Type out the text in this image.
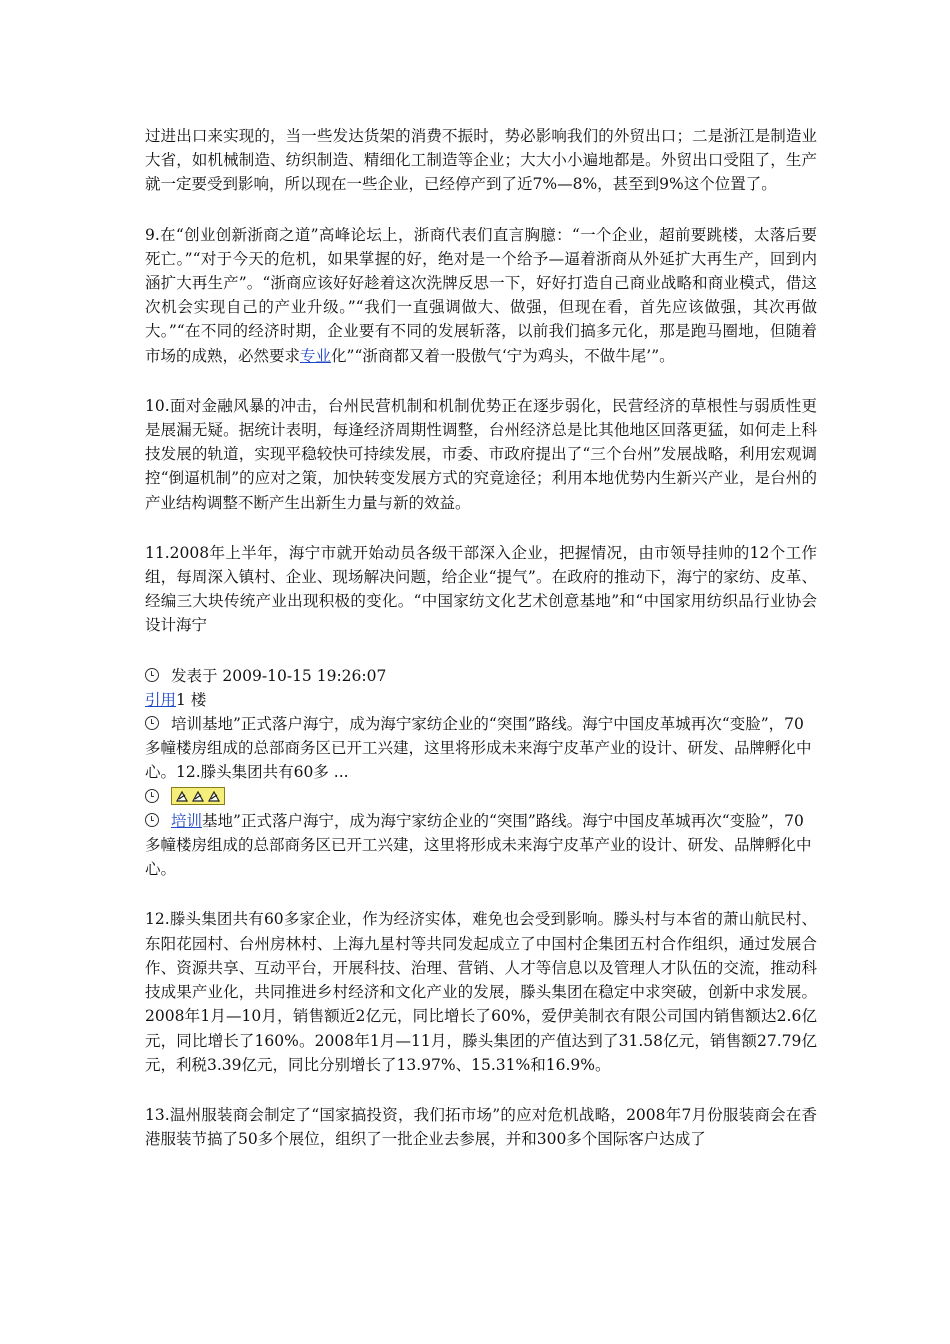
过进出口来实现的，当一些发达货架的消费不振时，势必影响我们的外贸出口；二是浙江是制造业大省，如机械制造、纺织制造、精细化工制造等企业；大大小小遍地都是。外贸出口受阻了，生产就一定要受到影响，所以现在一些企业，已经停产到了近7%—8%，甚至到9%这个位置了。

9.在“创业创新浙商之道”高峰论坛上，浙商代表们直言胸臆：“一个企业，超前要跳楼，太落后要死亡。”“对于今天的危机，如果掌握的好，绝对是一个给予—逼着浙商从外延扩大再生产，回到内涵扩大再生产”。“浙商应该好好趁着这次洗牌反思一下，好好打造自己商业战略和商业模式，借这次机会实现自己的产业升级。”“我们一直强调做大、做强，但现在看，首先应该做强，其次再做大。”“在不同的经济时期，企业要有不同的发展斩落，以前我们搞多元化，那是跑马圈地，但随着市场的成熟，必然要求专业化”“浙商都又着一股傲气‘宁为鸡头，不做牛尾’”。

10.面对金融风暴的冲击，台州民营机制和机制优势正在逐步弱化，民营经济的草根性与弱质性更是展漏无疑。据统计表明，每逢经济周期性调整，台州经济总是比其他地区回落更猛，如何走上科技发展的轨道，实现平稳较快可持续发展，市委、市政府提出了“三个台州”发展战略，利用宏观调控“倒逼机制”的应对之策，加快转变发展方式的究竟途径；利用本地优势内生新兴产业，是台州的产业结构调整不断产生出新生力量与新的效益。

11.2008年上半年，海宁市就开始动员各级干部深入企业，把握情况，由市领导挂帅的12个工作组，每周深入镇村、企业、现场解决问题，给企业“提气”。在政府的推动下，海宁的家纺、皮革、经编三大块传统产业出现积极的变化。“中国家纺文化艺术创意基地”和“中国家用纺织品行业协会设计海宁

发表于 2009-10-15 19:26:07

引用1 楼

培训基地”正式落户海宁，成为海宁家纺企业的“突围”路线。海宁中国皮革城再次“变脸”，70多幢楼房组成的总部商务区已开工兴建，这里将形成未来海宁皮革产业的设计、研发、品牌孵化中心。12.滕头集团共有60多 ...

培训基地”正式落户海宁，成为海宁家纺企业的“突围”路线。海宁中国皮革城再次“变脸”，70多幢楼房组成的总部商务区已开工兴建，这里将形成未来海宁皮革产业的设计、研发、品牌孵化中心。

12.滕头集团共有60多家企业，作为经济实体，难免也会受到影响。滕头村与本省的萧山航民村、东阳花园村、台州房林村、上海九星村等共同发起成立了中国村企集团五村合作组织，通过发展合作、资源共享、互动平台，开展科技、治理、营销、人才等信息以及管理人才队伍的交流，推动科技成果产业化，共同推进乡村经济和文化产业的发展，滕头集团在稳定中求突破，创新中求发展。2008年1月—10月，销售额近2亿元，同比增长了60%，爱伊美制衣有限公司国内销售额达2.6亿元，同比增长了160%。2008年1月—11月，滕头集团的产值达到了31.58亿元，销售额27.79亿元，利税3.39亿元，同比分别增长了13.97%、15.31%和16.9%。

13.温州服装商会制定了“国家搞投资，我们拓市场”的应对危机战略，2008年7月份服装商会在香港服装节搞了50多个展位，组织了一批企业去参展，并和300多个国际客户达成了
